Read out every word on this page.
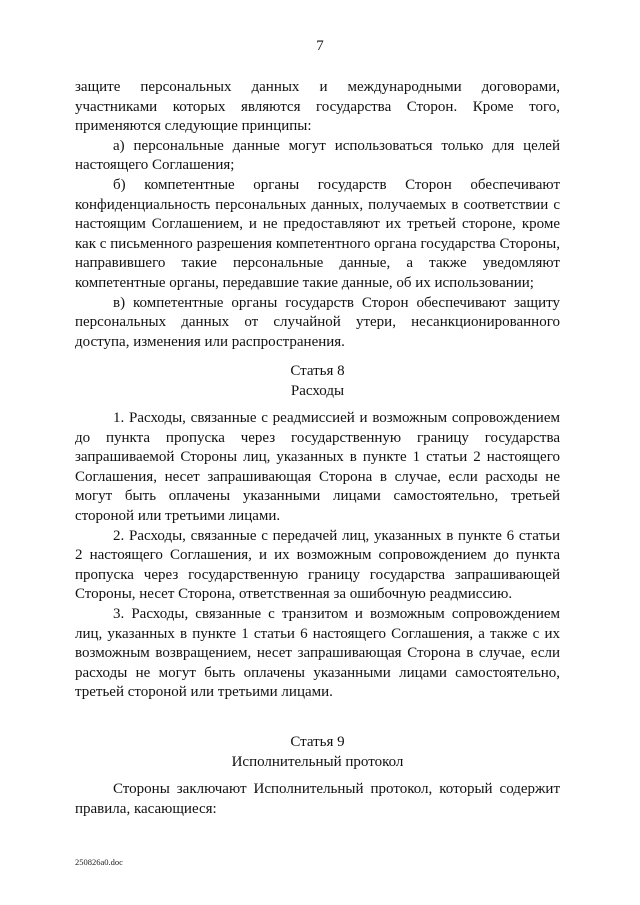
7

защите персональных данных и международными договорами, участниками которых являются государства Сторон. Кроме того, применяются следующие принципы:

а) персональные данные могут использоваться только для целей настоящего Соглашения;

б) компетентные органы государств Сторон обеспечивают конфиденциальность персональных данных, получаемых в соответствии с настоящим Соглашением, и не предоставляют их третьей стороне, кроме как с письменного разрешения компетентного органа государства Стороны, направившего такие персональные данные, а также уведомляют компетентные органы, передавшие такие данные, об их использовании;

в) компетентные органы государств Сторон обеспечивают защиту персональных данных от случайной утери, несанкционированного доступа, изменения или распространения.

Статья 8

Расходы

1. Расходы, связанные с реадмиссией и возможным сопровождением до пункта пропуска через государственную границу государства запрашиваемой Стороны лиц, указанных в пункте 1 статьи 2 настоящего Соглашения, несет запрашивающая Сторона в случае, если расходы не могут быть оплачены указанными лицами самостоятельно, третьей стороной или третьими лицами.

2. Расходы, связанные с передачей лиц, указанных в пункте 6 статьи 2 настоящего Соглашения, и их возможным сопровождением до пункта пропуска через государственную границу государства запрашивающей Стороны, несет Сторона, ответственная за ошибочную реадмиссию.

3. Расходы, связанные с транзитом и возможным сопровождением лиц, указанных в пункте 1 статьи 6 настоящего Соглашения, а также с их возможным возвращением, несет запрашивающая Сторона в случае, если расходы не могут быть оплачены указанными лицами самостоятельно, третьей стороной или третьими лицами.

Статья 9

Исполнительный протокол

Стороны заключают Исполнительный протокол, который содержит правила, касающиеся:

250826a0.doc
